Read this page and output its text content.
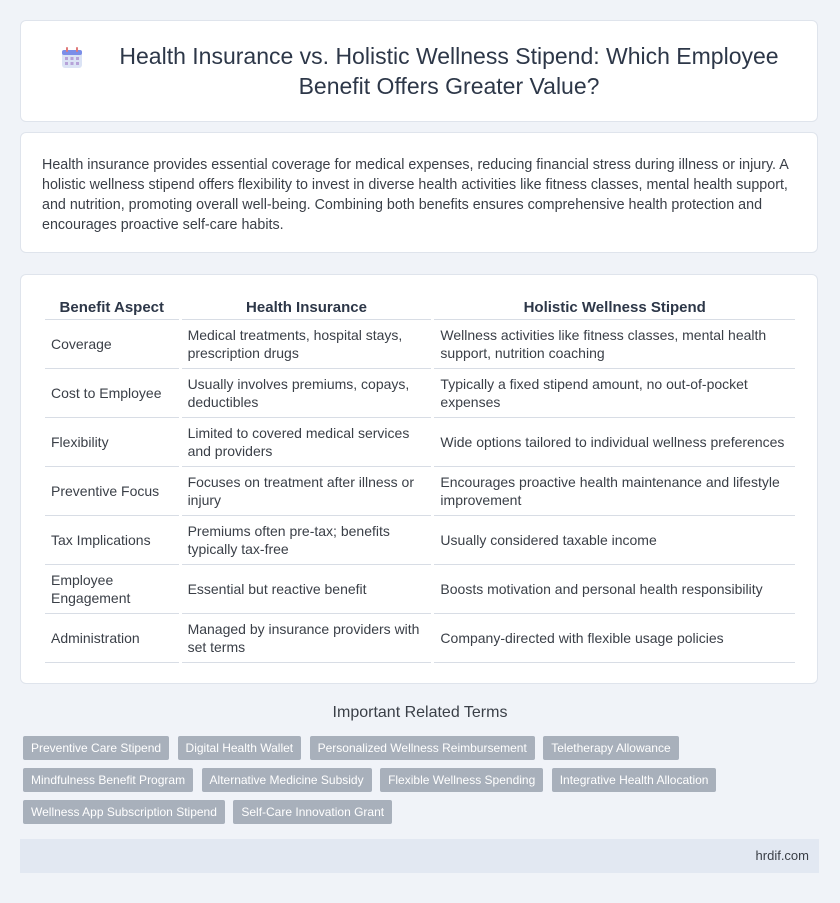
Health Insurance vs. Holistic Wellness Stipend: Which Employee Benefit Offers Greater Value?

Health insurance provides essential coverage for medical expenses, reducing financial stress during illness or injury. A holistic wellness stipend offers flexibility to invest in diverse health activities like fitness classes, mental health support, and nutrition, promoting overall well-being. Combining both benefits ensures comprehensive health protection and encourages proactive self-care habits.

Benefit Aspect	Health Insurance	Holistic Wellness Stipend
Coverage	Medical treatments, hospital stays, prescription drugs	Wellness activities like fitness classes, mental health support, nutrition coaching
Cost to Employee	Usually involves premiums, copays, deductibles	Typically a fixed stipend amount, no out-of-pocket expenses
Flexibility	Limited to covered medical services and providers	Wide options tailored to individual wellness preferences
Preventive Focus	Focuses on treatment after illness or injury	Encourages proactive health maintenance and lifestyle improvement
Tax Implications	Premiums often pre-tax; benefits typically tax-free	Usually considered taxable income
Employee Engagement	Essential but reactive benefit	Boosts motivation and personal health responsibility
Administration	Managed by insurance providers with set terms	Company-directed with flexible usage policies
Important Related Terms
Preventive Care Stipend Digital Health Wallet Personalized Wellness Reimbursement Teletherapy Allowance Mindfulness Benefit Program Alternative Medicine Subsidy Flexible Wellness Spending Integrative Health Allocation Wellness App Subscription Stipend Self-Care Innovation Grant
hrdif.com
